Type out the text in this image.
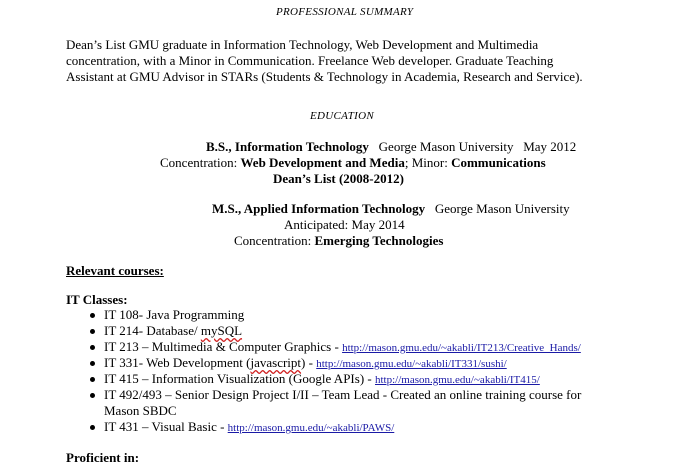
PROFESSIONAL SUMMARY
Dean’s List GMU graduate in Information Technology, Web Development and Multimedia
concentration, with a Minor in Communication. Freelance Web developer. Graduate Teaching
Assistant at GMU Advisor in STARs (Students & Technology in Academia, Research and Service).
EDUCATION
B.S., Information Technology George Mason University May 2012
Concentration: Web Development and Media; Minor: Communications
Dean’s List (2008-2012)
M.S., Applied Information Technology George Mason University
Anticipated: May 2014
Concentration: Emerging Technologies
Relevant courses:
IT Classes:
IT 108- Java Programming
IT 214- Database/ mySQL
IT 213 – Multimedia & Computer Graphics - http://mason.gmu.edu/~akabli/IT213/Creative_Hands/
IT 331- Web Development (javascript) - http://mason.gmu.edu/~akabli/IT331/sushi/
IT 415 – Information Visualization (Google APIs) - http://mason.gmu.edu/~akabli/IT415/
IT 492/493 – Senior Design Project I/II – Team Lead - Created an online training course for
Mason SBDC
IT 431 – Visual Basic - http://mason.gmu.edu/~akabli/PAWS/
Proficient in:
